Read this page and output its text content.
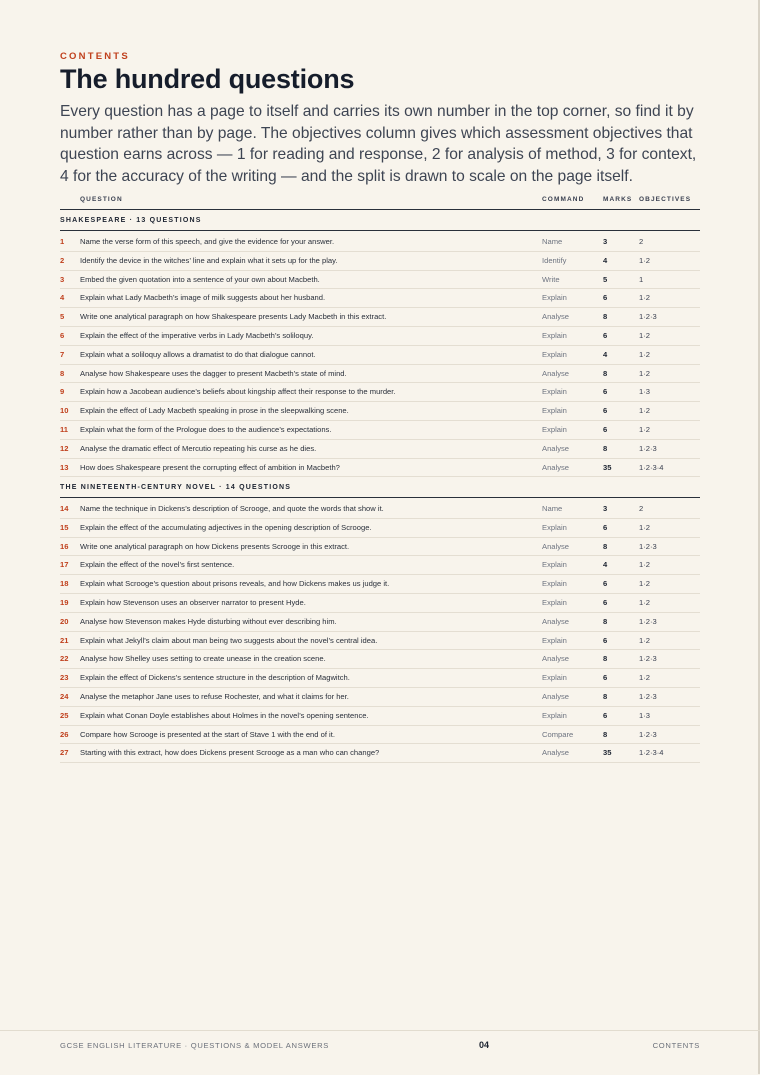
CONTENTS
The hundred questions

Every question has a page to itself and carries its own number in the top corner, so find it by number rather than by page. The objectives column gives which assessment objectives that question earns across — 1 for reading and response, 2 for analysis of method, 3 for context, 4 for the accuracy of the writing — and the split is drawn to scale on the page itself.

QUESTION	COMMAND	MARKS OBJECTIVES
SHAKESPEARE · 13 QUESTIONS
1 Name the verse form of this speech, and give the evidence for your answer.	Name	3	2
2 Identify the device in the witches’ line and explain what it sets up for the play.	Identify	4	1·2
3 Embed the given quotation into a sentence of your own about Macbeth.	Write	5	1
4 Explain what Lady Macbeth’s image of milk suggests about her husband.	Explain	6	1·2
5 Write one analytical paragraph on how Shakespeare presents Lady Macbeth in this extract.	Analyse	8	1·2·3
6 Explain the effect of the imperative verbs in Lady Macbeth’s soliloquy.	Explain	6	1·2
7 Explain what a soliloquy allows a dramatist to do that dialogue cannot.	Explain	4	1·2
8 Analyse how Shakespeare uses the dagger to present Macbeth’s state of mind.	Analyse	8	1·2
9 Explain how a Jacobean audience’s beliefs about kingship affect their response to the murder.	Explain	6	1·3
10 Explain the effect of Lady Macbeth speaking in prose in the sleepwalking scene.	Explain	6	1·2
11 Explain what the form of the Prologue does to the audience’s expectations.	Explain	6	1·2
12 Analyse the dramatic effect of Mercutio repeating his curse as he dies.	Analyse	8	1·2·3
13 How does Shakespeare present the corrupting effect of ambition in Macbeth?	Analyse	35	1·2·3·4
THE NINETEENTH-CENTURY NOVEL · 14 QUESTIONS
14 Name the technique in Dickens’s description of Scrooge, and quote the words that show it.	Name	3	2
15 Explain the effect of the accumulating adjectives in the opening description of Scrooge.	Explain	6	1·2
16 Write one analytical paragraph on how Dickens presents Scrooge in this extract.	Analyse	8	1·2·3
17 Explain the effect of the novel’s first sentence.	Explain	4	1·2
18 Explain what Scrooge’s question about prisons reveals, and how Dickens makes us judge it.	Explain	6	1·2
19 Explain how Stevenson uses an observer narrator to present Hyde.	Explain	6	1·2
20 Analyse how Stevenson makes Hyde disturbing without ever describing him.	Analyse	8	1·2·3
21 Explain what Jekyll’s claim about man being two suggests about the novel’s central idea.	Explain	6	1·2
22 Analyse how Shelley uses setting to create unease in the creation scene.	Analyse	8	1·2·3
23 Explain the effect of Dickens’s sentence structure in the description of Magwitch.	Explain	6	1·2
24 Analyse the metaphor Jane uses to refuse Rochester, and what it claims for her.	Analyse	8	1·2·3
25 Explain what Conan Doyle establishes about Holmes in the novel’s opening sentence.	Explain	6	1·3
26 Compare how Scrooge is presented at the start of Stave 1 with the end of it.	Compare	8	1·2·3
27 Starting with this extract, how does Dickens present Scrooge as a man who can change?	Analyse	35	1·2·3·4
GCSE ENGLISH LITERATURE · QUESTIONS & MODEL ANSWERS	04	CONTENTS
